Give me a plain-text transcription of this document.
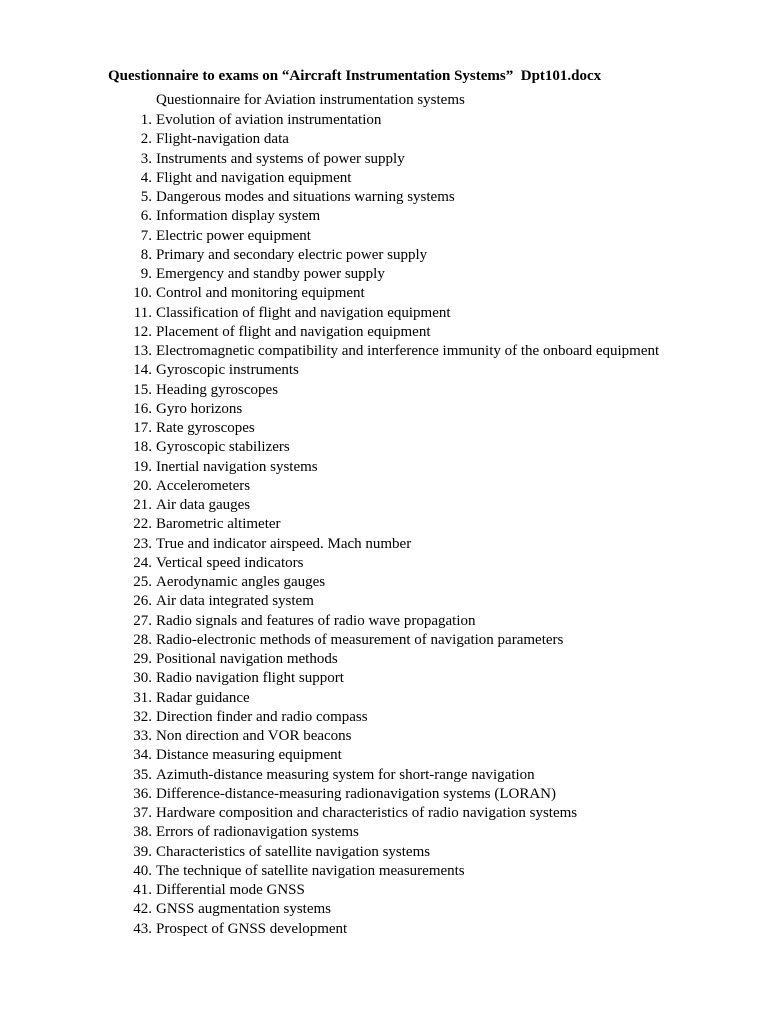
Questionnaire to exams on “Aircraft Instrumentation Systems”  Dpt101.docx
Questionnaire for Aviation instrumentation systems
1. Evolution of aviation instrumentation
2. Flight-navigation data
3. Instruments and systems of power supply
4. Flight and navigation equipment
5. Dangerous modes and situations warning systems
6. Information display system
7. Electric power equipment
8. Primary and secondary electric power supply
9. Emergency and standby power supply
10. Control and monitoring equipment
11. Classification of flight and navigation equipment
12. Placement of flight and navigation equipment
13. Electromagnetic compatibility and interference immunity of the onboard equipment
14. Gyroscopic instruments
15. Heading gyroscopes
16. Gyro horizons
17. Rate gyroscopes
18. Gyroscopic stabilizers
19. Inertial navigation systems
20. Accelerometers
21. Air data gauges
22. Barometric altimeter
23. True and indicator airspeed. Mach number
24. Vertical speed indicators
25. Aerodynamic angles gauges
26. Air data integrated system
27. Radio signals and features of radio wave propagation
28. Radio-electronic methods of measurement of navigation parameters
29. Positional navigation methods
30. Radio navigation flight support
31. Radar guidance
32. Direction finder and radio compass
33. Non direction and VOR beacons
34. Distance measuring equipment
35. Azimuth-distance measuring system for short-range navigation
36. Difference-distance-measuring radionavigation systems (LORAN)
37. Hardware composition and characteristics of radio navigation systems
38. Errors of radionavigation systems
39. Characteristics of satellite navigation systems
40. The technique of satellite navigation measurements
41. Differential mode GNSS
42. GNSS augmentation systems
43. Prospect of GNSS development
